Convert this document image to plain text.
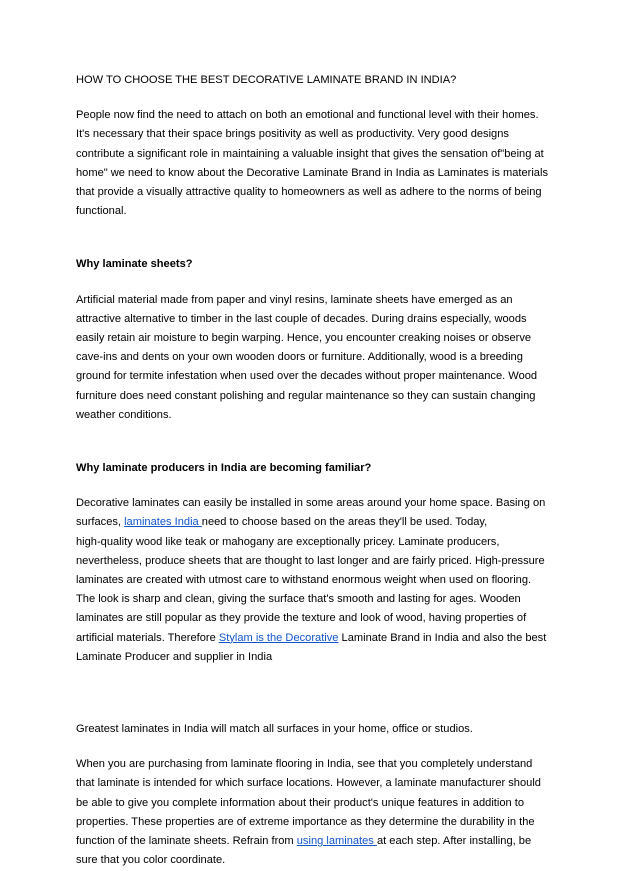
HOW TO CHOOSE THE BEST DECORATIVE LAMINATE BRAND IN INDIA?

People now find the need to attach on both an emotional and functional level with their homes.
It's necessary that their space brings positivity as well as productivity. Very good designs
contribute a significant role in maintaining a valuable insight that gives the sensation of"being at
home" we need to know about the Decorative Laminate Brand in India as Laminates is materials
that provide a visually attractive quality to homeowners as well as adhere to the norms of being
functional.

Why laminate sheets?

Artificial material made from paper and vinyl resins, laminate sheets have emerged as an
attractive alternative to timber in the last couple of decades. During drains especially, woods
easily retain air moisture to begin warping. Hence, you encounter creaking noises or observe
cave-ins and dents on your own wooden doors or furniture. Additionally, wood is a breeding
ground for termite infestation when used over the decades without proper maintenance. Wood
furniture does need constant polishing and regular maintenance so they can sustain changing
weather conditions.

Why laminate producers in India are becoming familiar?

Decorative laminates can easily be installed in some areas around your home space. Basing on
surfaces, laminates India need to choose based on the areas they'll be used. Today,
high-quality wood like teak or mahogany are exceptionally pricey. Laminate producers,
nevertheless, produce sheets that are thought to last longer and are fairly priced. High-pressure
laminates are created with utmost care to withstand enormous weight when used on flooring.
The look is sharp and clean, giving the surface that's smooth and lasting for ages. Wooden
laminates are still popular as they provide the texture and look of wood, having properties of
artificial materials. Therefore Stylam is the Decorative Laminate Brand in India and also the best
Laminate Producer and supplier in India

Greatest laminates in India will match all surfaces in your home, office or studios.

When you are purchasing from laminate flooring in India, see that you completely understand
that laminate is intended for which surface locations. However, a laminate manufacturer should
be able to give you complete information about their product's unique features in addition to
properties. These properties are of extreme importance as they determine the durability in the
function of the laminate sheets. Refrain from using laminates at each step. After installing, be
sure that you color coordinate.
